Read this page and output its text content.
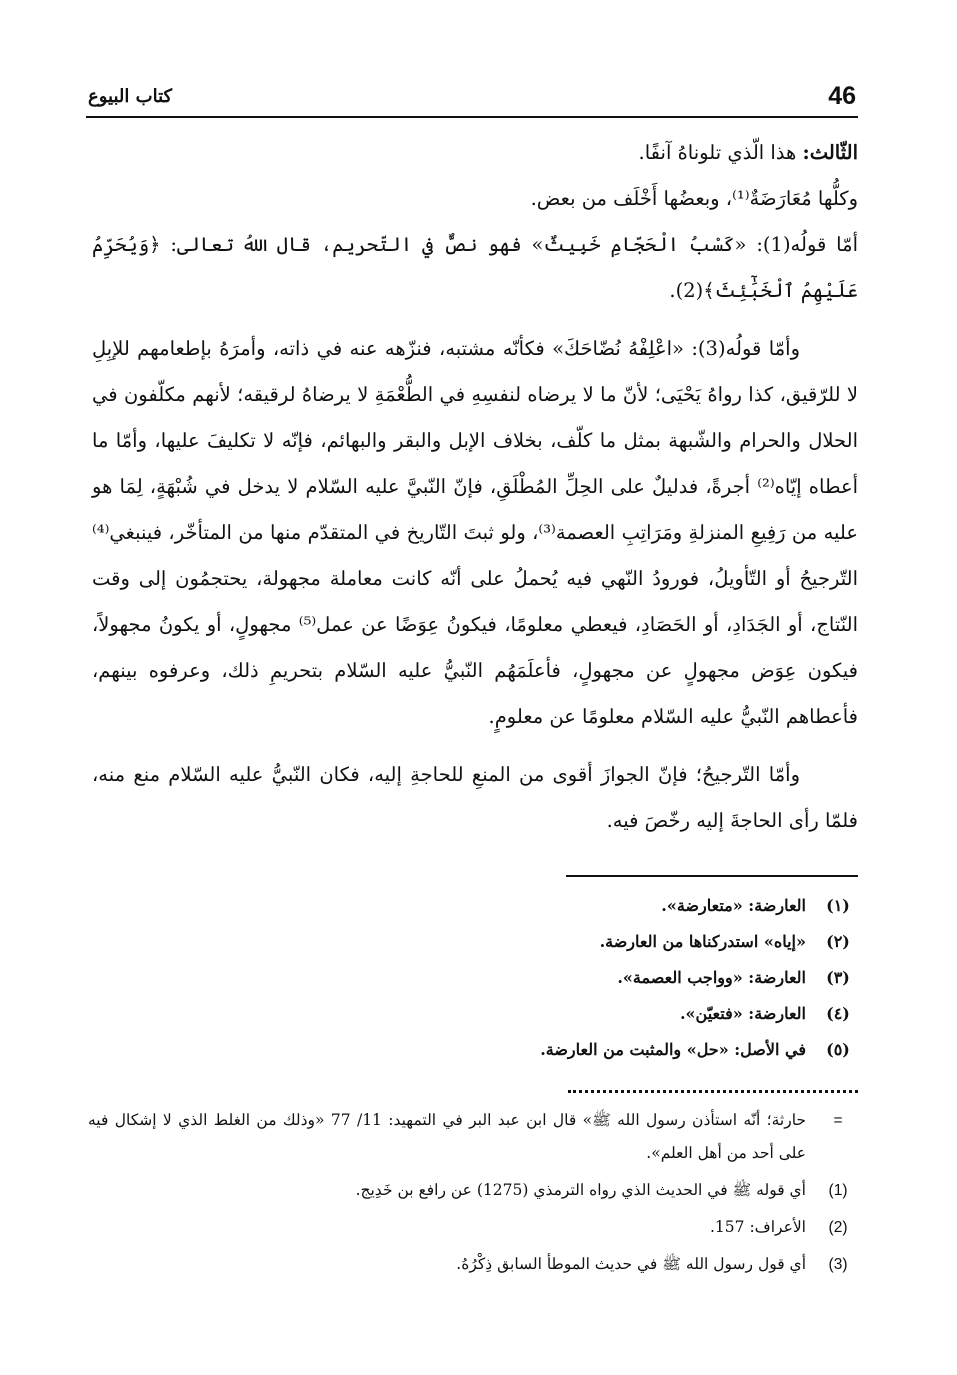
46
كتاب البيوع

الثّالث: هذا الّذي تلوناهُ آنفًا.

وكلُّها مُعَارَضَةٌ⁽¹⁾، وبعضُها أَخْلَف من بعض.

أمّا قولُه(1): «كَسْبُ الْحَجّامِ خَبِيثٌ» فهو نصٌّ في التّحريم، قال اللهُ تعالى: ﴿وَيُحَرِّمُ عَلَيْهِمُ ٱلْخَبَٰٓئِثَ﴾(2).

وأمّا قولُه(3): «اعْلِفْهُ نُضّاحَكَ» فكأنّه مشتبه، فنزّهه عنه في ذاته، وأمرَهُ بإطعامهم للإبِلِ لا للرّقيق، كذا رواهُ يَحْيَى؛ لأنّ ما لا يرضاه لنفسِهِ في الطُّعْمَةِ لا يرضاهُ لرقيقه؛ لأنهم مكلّفون في الحلال والحرام والشّبهة بمثل ما كلّف، بخلاف الإبل والبقر والبهائم، فإنّه لا تكليفَ عليها، وأمّا ما أعطاه إيّاه⁽²⁾ أجرةً، فدليلٌ على الحِلِّ المُطْلَقِ، فإنّ النّبيَّ عليه السّلام لا يدخل في شُبْهَةٍ، لِمَا هو عليه من رَفِيعِ المنزلةِ ومَرَاتِبِ العصمة⁽³⁾، ولو ثبتَ التّاريخ في المتقدّم منها من المتأخّر، فينبغي⁽⁴⁾ التّرجيحُ أو التّأويلُ، فورودُ النّهي فيه يُحملُ على أنّه كانت معاملة مجهولة، يحتجمُون إلى وقت النّتاج، أو الجَدَادِ، أو الحَصَادِ، فيعطي معلومًا، فيكونُ عِوَضًا عن عمل⁽⁵⁾ مجهولٍ، أو يكونُ مجهولاً، فيكون عِوَض مجهولٍ عن مجهولٍ، فأعلَمَهُم النّبيُّ عليه السّلام بتحريمِ ذلك، وعرفوه بينهم، فأعطاهم النّبيُّ عليه السّلام معلومًا عن معلومٍ.

وأمّا التّرجيحُ؛ فإنّ الجوازَ أقوى من المنعِ للحاجةِ إليه، فكان النّبيُّ عليه السّلام منع منه، فلمّا رأى الحاجةَ إليه رخّصَ فيه.

(١)
العارضة: «متعارضة».
(٢)
«إياه» استدركناها من العارضة.
(٣)
العارضة: «وواجب العصمة».
(٤)
العارضة: «فتعيّن».
(٥)
في الأصل: «حل» والمثبت من العارضة.
=
حارثة؛ أنّه استأذن رسول الله ﷺ» قال ابن عبد البر في التمهيد: 11/ 77 «وذلك من الغلط الذي لا إشكال فيه على أحد من أهل العلم».
(1)
أي قوله ﷺ في الحديث الذي رواه الترمذي (1275) عن رافع بن خَدِيج.
(2)
الأعراف: 157.
(3)
أي قول رسول الله ﷺ في حديث الموطأ السابق ذِكْرُهُ.
